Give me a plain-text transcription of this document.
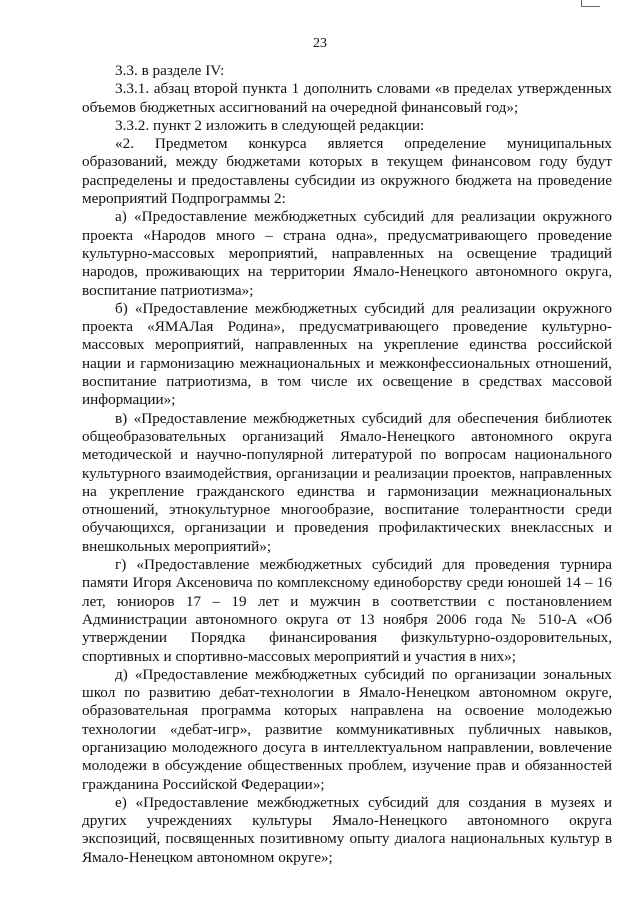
23

3.3. в разделе IV:

3.3.1. абзац второй пункта 1 дополнить словами «в пределах утвержденных объемов бюджетных ассигнований на очередной финансовый год»;

3.3.2. пункт 2 изложить в следующей редакции:

«2. Предметом конкурса является определение муниципальных образований, между бюджетами которых в текущем финансовом году будут распределены и предоставлены субсидии из окружного бюджета на проведение мероприятий Подпрограммы 2:

а) «Предоставление межбюджетных субсидий для реализации окружного проекта «Народов много – страна одна», предусматривающего проведение культурно-массовых мероприятий, направленных на освещение традиций народов, проживающих на территории Ямало-Ненецкого автономного округа, воспитание патриотизма»;

б) «Предоставление межбюджетных субсидий для реализации окружного проекта «ЯМАЛая Родина», предусматривающего проведение культурно-массовых мероприятий, направленных на укрепление единства российской нации и гармонизацию межнациональных и межконфессиональных отношений, воспитание патриотизма, в том числе их освещение в средствах массовой информации»;

в) «Предоставление межбюджетных субсидий для обеспечения библиотек общеобразовательных организаций Ямало-Ненецкого автономного округа методической и научно-популярной литературой по вопросам национального культурного взаимодействия, организации и реализации проектов, направленных на укрепление гражданского единства и гармонизации межнациональных отношений, этнокультурное многообразие, воспитание толерантности среди обучающихся, организации и проведения профилактических внеклассных и внешкольных мероприятий»;

г) «Предоставление межбюджетных субсидий для проведения турнира памяти Игоря Аксеновича по комплексному единоборству среди юношей 14 – 16 лет, юниоров 17 – 19 лет и мужчин в соответствии с постановлением Администрации автономного округа от 13 ноября 2006 года № 510-А «Об утверждении Порядка финансирования физкультурно-оздоровительных, спортивных и спортивно-массовых мероприятий и участия в них»;

д) «Предоставление межбюджетных субсидий по организации зональных школ по развитию дебат-технологии в Ямало-Ненецком автономном округе, образовательная программа которых направлена на освоение молодежью технологии «дебат-игр», развитие коммуникативных публичных навыков, организацию молодежного досуга в интеллектуальном направлении, вовлечение молодежи в обсуждение общественных проблем, изучение прав и обязанностей гражданина Российской Федерации»;

е) «Предоставление межбюджетных субсидий для создания в музеях и других учреждениях культуры Ямало-Ненецкого автономного округа экспозиций, посвященных позитивному опыту диалога национальных культур в Ямало-Ненецком автономном округе»;
